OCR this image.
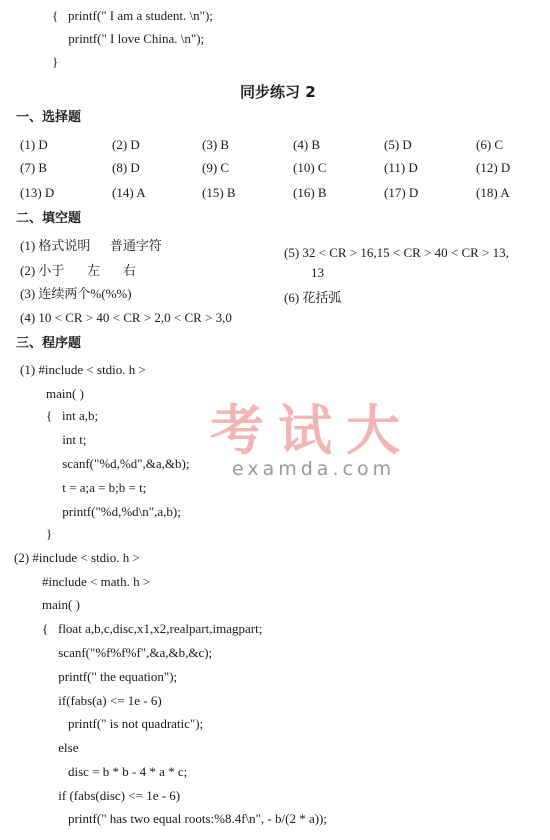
{   printf(" I am a student. \n");
printf(" I love China. \n");
}
同步练习 2
一、选择题
(1) D	(2) D	(3) B	(4) B	(5) D	(6) C
(7) B	(8) D	(9) C	(10) C	(11) D	(12) D
(13) D	(14) A	(15) B	(16) B	(17) D	(18) A
二、填空题
(1) 格式说明      普通字符
(2) 小于       左       右
(3) 连续两个%(%%)
(4) 10 < CR > 40 < CR > 2,0 < CR > 3,0
(5) 32 < CR > 16,15 < CR > 40 < CR > 13,
13
(6) 花括弧
三、程序题
考试大
examda.com
(1) #include < stdio. h >
main( )
{   int a,b;
int t;
scanf("%d,%d",&a,&b);
t = a;a = b;b = t;
printf("%d,%d\n",a,b);
}
(2) #include < stdio. h >
#include < math. h >
main( )
{   float a,b,c,disc,x1,x2,realpart,imagpart;
scanf("%f%f%f",&a,&b,&c);
printf(" the equation");
if(fabs(a) <= 1e - 6)
printf(" is not quadratic");
else
disc = b * b - 4 * a * c;
if (fabs(disc) <= 1e - 6)
printf(" has two equal roots:%8.4f\n", - b/(2 * a));
